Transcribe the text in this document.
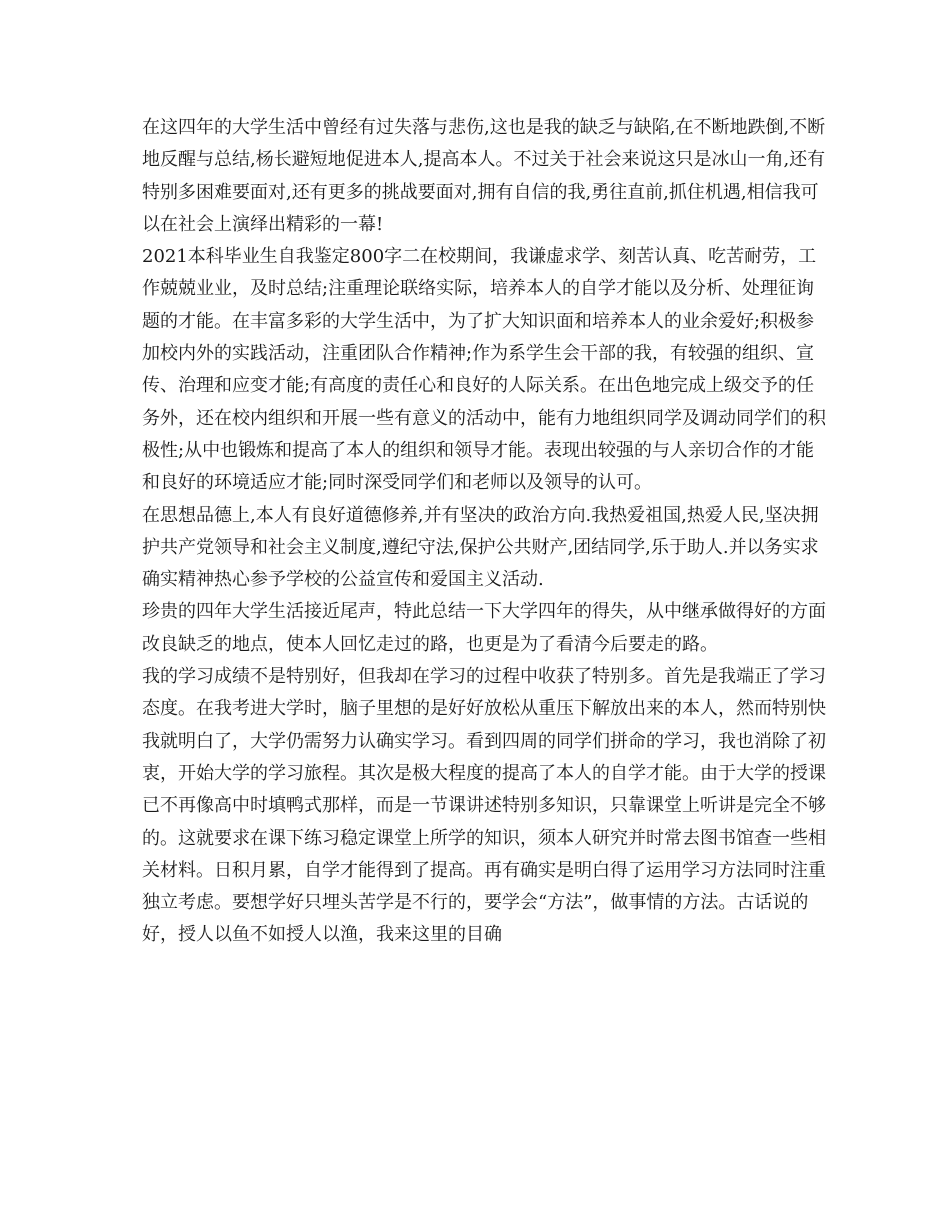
在这四年的大学生活中曾经有过失落与悲伤,这也是我的缺乏与缺陷,在不断地跌倒,不断地反醒与总结,杨长避短地促进本人,提高本人。不过关于社会来说这只是冰山一角,还有特别多困难要面对,还有更多的挑战要面对,拥有自信的我,勇往直前,抓住机遇,相信我可以在社会上演绎出精彩的一幕!

2021本科毕业生自我鉴定800字二在校期间，我谦虚求学、刻苦认真、吃苦耐劳，工作兢兢业业，及时总结;注重理论联络实际，培养本人的自学才能以及分析、处理征询题的才能。在丰富多彩的大学生活中，为了扩大知识面和培养本人的业余爱好;积极参加校内外的实践活动，注重团队合作精神;作为系学生会干部的我，有较强的组织、宣传、治理和应变才能;有高度的责任心和良好的人际关系。在出色地完成上级交予的任务外，还在校内组织和开展一些有意义的活动中，能有力地组织同学及调动同学们的积极性;从中也锻炼和提高了本人的组织和领导才能。表现出较强的与人亲切合作的才能和良好的环境适应才能;同时深受同学们和老师以及领导的认可。

在思想品德上,本人有良好道德修养,并有坚决的政治方向.我热爱祖国,热爱人民,坚决拥护共产党领导和社会主义制度,遵纪守法,保护公共财产,团结同学,乐于助人.并以务实求确实精神热心参予学校的公益宣传和爱国主义活动.

珍贵的四年大学生活接近尾声，特此总结一下大学四年的得失，从中继承做得好的方面改良缺乏的地点，使本人回忆走过的路，也更是为了看清今后要走的路。

我的学习成绩不是特别好，但我却在学习的过程中收获了特别多。首先是我端正了学习态度。在我考进大学时，脑子里想的是好好放松从重压下解放出来的本人，然而特别快我就明白了，大学仍需努力认确实学习。看到四周的同学们拼命的学习，我也消除了初衷，开始大学的学习旅程。其次是极大程度的提高了本人的自学才能。由于大学的授课已不再像高中时填鸭式那样，而是一节课讲述特别多知识，只靠课堂上听讲是完全不够的。这就要求在课下练习稳定课堂上所学的知识，须本人研究并时常去图书馆查一些相关材料。日积月累，自学才能得到了提高。再有确实是明白得了运用学习方法同时注重独立考虑。要想学好只埋头苦学是不行的，要学会“方法”，做事情的方法。古话说的好，授人以鱼不如授人以渔，我来这里的目确
